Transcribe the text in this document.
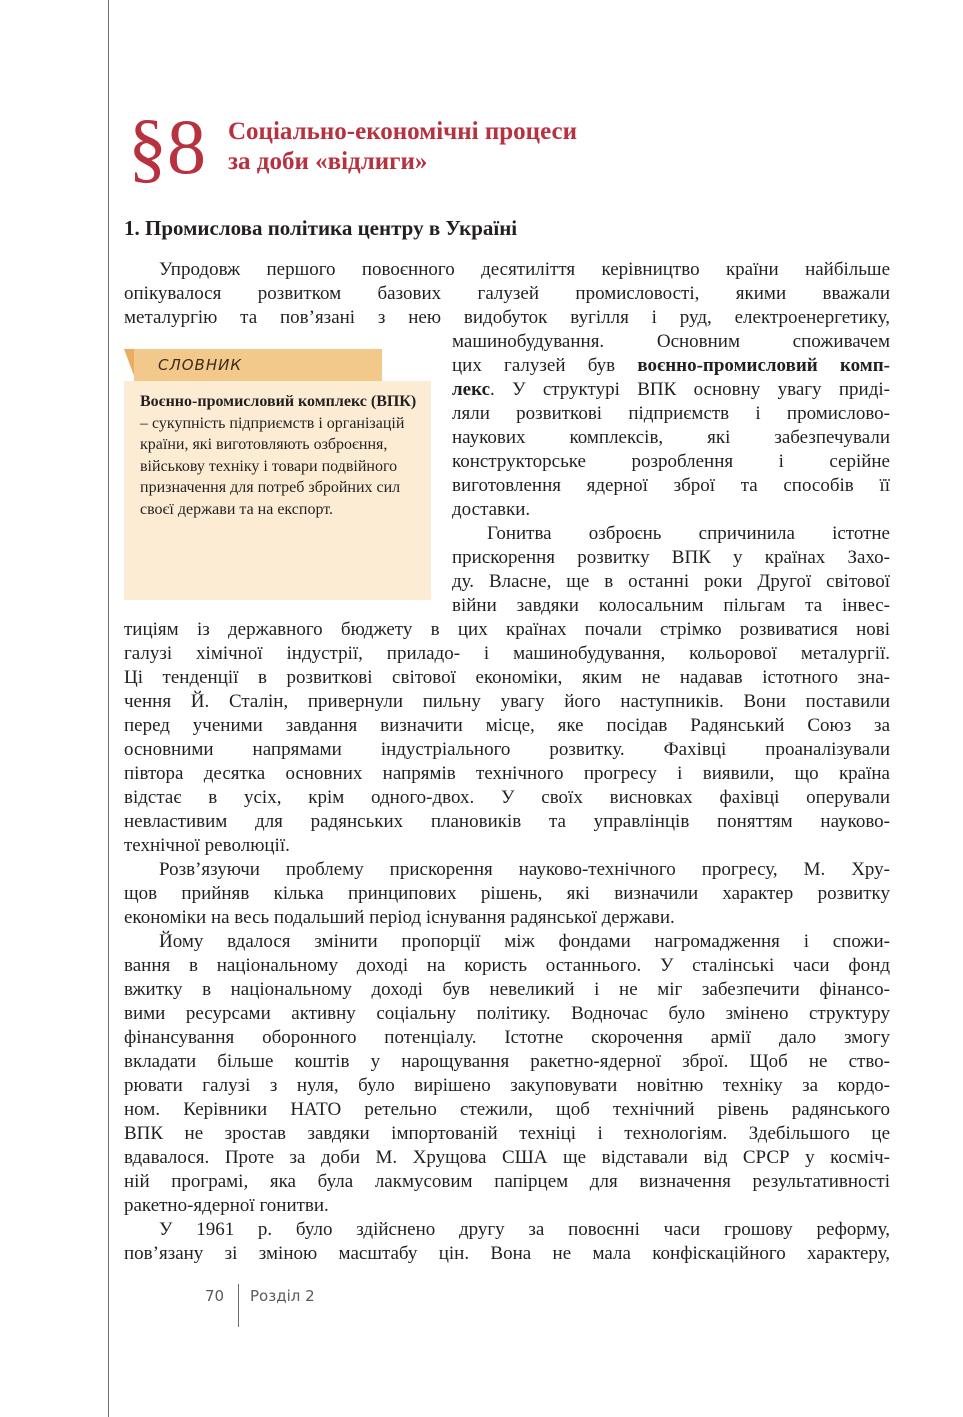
§8 Соціально-економічні процеси
за доби «відлиги»
1. Промислова політика центру в Україні
СЛОВНИК
Воєнно-промисловий комплекс (ВПК) – сукупність підприємств і організацій країни, які виготовляють озброєння, військову техніку і товари подвійного призначення для потреб збройних сил своєї держави та на експорт.
Упродовж першого повоєнного десятиліття керівництво країни найбільше
опікувалося розвитком базових галузей промисловості, якими вважали
металургію та пов’язані з нею видобуток вугілля і руд, електроенергетику,
машинобудування. Основним споживачем
цих галузей був воєнно-промисловий комп-
лекс. У структурі ВПК основну увагу приді-
ляли розвиткові підприємств і промислово-
наукових комплексів, які забезпечували
конструкторське розроблення і серійне
виготовлення ядерної зброї та способів її
доставки.
Гонитва озброєнь спричинила істотне
прискорення розвитку ВПК у країнах Захо-
ду. Власне, ще в останні роки Другої світової
війни завдяки колосальним пільгам та інвес-
тиціям із державного бюджету в цих країнах почали стрімко розвиватися нові
галузі хімічної індустрії, приладо- і машинобудування, кольорової металургії.
Ці тенденції в розвиткові світової економіки, яким не надавав істотного зна-
чення Й. Сталін, привернули пильну увагу його наступників. Вони поставили
перед ученими завдання визначити місце, яке посідав Радянський Союз за
основними напрямами індустріального розвитку. Фахівці проаналізували
півтора десятка основних напрямів технічного прогресу і виявили, що країна
відстає в усіх, крім одного-двох. У своїх висновках фахівці оперували
невластивим для радянських плановиків та управлінців поняттям науково-
технічної революції.
Розв’язуючи проблему прискорення науково-технічного прогресу, М. Хру-
щов прийняв кілька принципових рішень, які визначили характер розвитку
економіки на весь подальший період існування радянської держави.
Йому вдалося змінити пропорції між фондами нагромадження і спожи-
вання в національному доході на користь останнього. У сталінські часи фонд
вжитку в національному доході був невеликий і не міг забезпечити фінансо-
вими ресурсами активну соціальну політику. Водночас було змінено структуру
фінансування оборонного потенціалу. Істотне скорочення армії дало змогу
вкладати більше коштів у нарощування ракетно-ядерної зброї. Щоб не ство-
рювати галузі з нуля, було вирішено закуповувати новітню техніку за кордо-
ном. Керівники НАТО ретельно стежили, щоб технічний рівень радянського
ВПК не зростав завдяки імпортованій техніці і технологіям. Здебільшого це
вдавалося. Проте за доби М. Хрущова США ще відставали від СРСР у косміч-
ній програмі, яка була лакмусовим папірцем для визначення результативності
ракетно-ядерної гонитви.
У 1961 р. було здійснено другу за повоєнні часи грошову реформу,
пов’язану зі зміною масштабу цін. Вона не мала конфіскаційного характеру,
70 Розділ 2
